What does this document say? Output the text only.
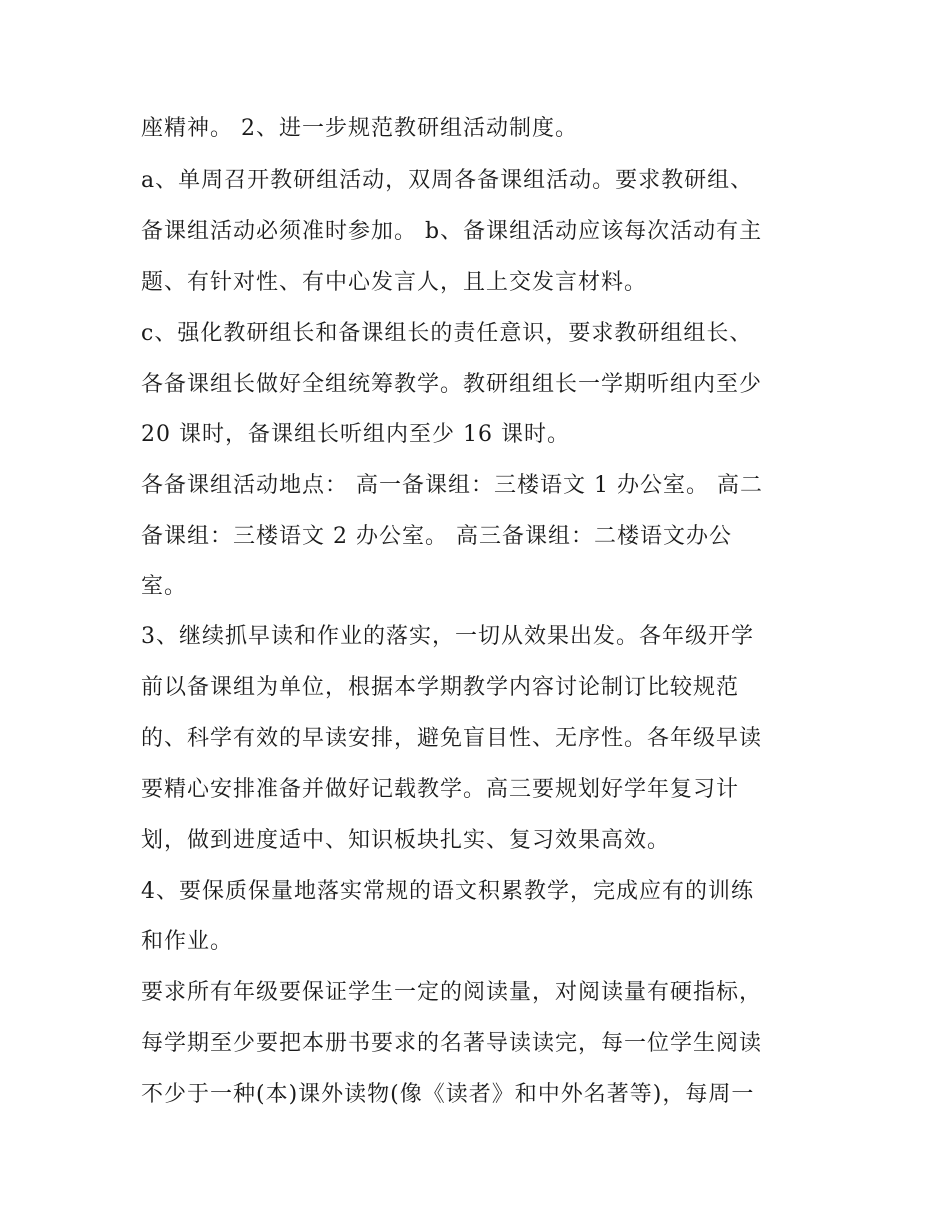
座精神。 2、进一步规范教研组活动制度。
a、单周召开教研组活动，双周各备课组活动。要求教研组、
备课组活动必须准时参加。 b、备课组活动应该每次活动有主
题、有针对性、有中心发言人，且上交发言材料。
c、强化教研组长和备课组长的责任意识，要求教研组组长、
各备课组长做好全组统筹教学。教研组组长一学期听组内至少
20 课时，备课组长听组内至少 16 课时。
各备课组活动地点： 高一备课组：三楼语文 1 办公室。 高二
备课组：三楼语文 2 办公室。 高三备课组：二楼语文办公
室。
3、继续抓早读和作业的落实，一切从效果出发。各年级开学
前以备课组为单位，根据本学期教学内容讨论制订比较规范
的、科学有效的早读安排，避免盲目性、无序性。各年级早读
要精心安排准备并做好记载教学。高三要规划好学年复习计
划，做到进度适中、知识板块扎实、复习效果高效。
4、要保质保量地落实常规的语文积累教学，完成应有的训练
和作业。
要求所有年级要保证学生一定的阅读量，对阅读量有硬指标，
每学期至少要把本册书要求的名著导读读完，每一位学生阅读
不少于一种(本)课外读物(像《读者》和中外名著等)，每周一
